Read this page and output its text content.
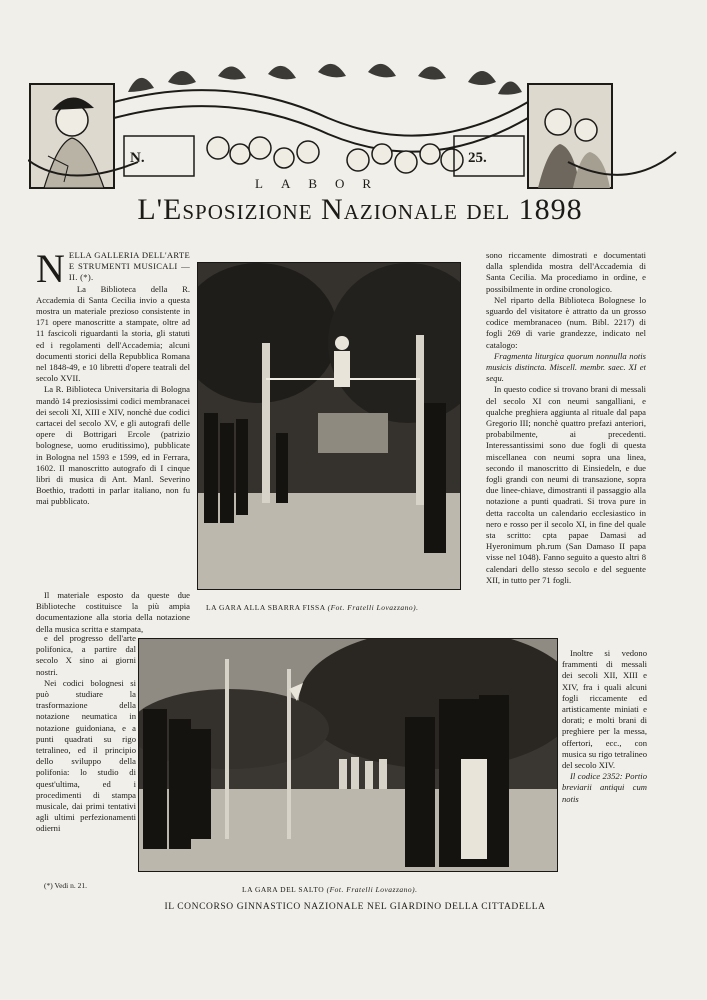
N.	25.
LABOR
L'Esposizione Nazionale del 1898
N ELLA GALLERIA DELL'ARTE E STRUMENTI MUSICALI — II. (*).

La Biblioteca della R. Accademia di Santa Cecilia invio a questa mostra un materiale prezioso consistente in 171 opere manoscritte a stampate, oltre ad 11 fascicoli riguardanti la storia, gli statuti ed i regolamenti dell'Accademia; alcuni documenti storici della Repubblica Romana nel 1848-49, e 10 libretti d'opere teatrali del secolo XVII.

La R. Biblioteca Universitaria di Bologna mandò 14 preziosissimi codici membranacei dei secoli XI, XIII e XIV, nonchè due codici cartacei del secolo XV, e gli autografi delle opere di Bottrigari Ercole (patrizio bolognese, uomo eruditissimo), pubblicate in Bologna nel 1593 e 1599, ed in Ferrara, 1602. Il manoscritto autografo di I cinque libri di musica di Ant. Manl. Severino Boethio, tradotti in parlar italiano, non fu mai pubblicato.

Il materiale esposto da queste due Biblioteche costituisce la più ampia documentazione alla storia della notazione della musica scritta e stampata,

e del progresso dell'arte polifonica, a partire dal secolo X sino ai giorni nostri.

Nei codici bolognesi si può studiare la trasformazione della notazione neumatica in notazione guidoniana, e a punti quadrati su rigo tetralineo, ed il principio dello sviluppo della polifonia: lo studio di quest'ultima, ed i procedimenti di stampa musicale, dai primi tentativi agli ultimi perfezionamenti odierni

(*) Vedi n. 21.

sono riccamente dimostrati e documentati dalla splendida mostra dell'Accademia di Santa Cecilia. Ma procediamo in ordine, e possibilmente in ordine cronologico.

Nel riparto della Biblioteca Bolognese lo sguardo del visitatore è attratto da un grosso codice membranaceo (num. Bibl. 2217) di fogli 269 di varie grandezze, indicato nel catalogo:

Fragmenta liturgica quorum nonnulla notis musicis distincta. Miscell. membr. saec. XI et sequ.

In questo codice si trovano brani di messali del secolo XI con neumi sangalliani, e qualche preghiera aggiunta al rituale dal papa Gregorio III; nonchè quattro prefazi anteriori, probabilmente, ai precedenti. Interessantissimi sono due fogli di questa miscellanea con neumi sopra una linea, secondo il manoscritto di Einsiedeln, e due fogli grandi con neumi di transazione, sopra due linee-chiave, dimostranti il passaggio alla notazione a punti quadrati. Si trova pure in detta raccolta un calendario ecclesiastico in nero e rosso per il secolo XI, in fine del quale sta scritto: cpta papae Damasi ad Hyeronimum ph.rum (San Damaso II papa visse nel 1048). Fanno seguito a questo altri 8 calendari dello stesso secolo e del seguente XII, in tutto per 71 fogli.

Inoltre si vedono frammenti di messali dei secoli XII, XIII e XIV, fra i quali alcuni fogli riccamente ed artisticamente miniati e dorati; e molti brani di preghiere per la messa, offertori, ecc., con musica su rigo tetralineo del secolo XIV.

Il codice 2352: Portio breviarii antiqui cum notis

LA GARA ALLA SBARRA FISSA (Fot. Fratelli Lovazzano).
LA GARA DEL SALTO (Fot. Fratelli Lovazzano).
IL CONCORSO GINNASTICO NAZIONALE NEL GIARDINO DELLA CITTADELLA
